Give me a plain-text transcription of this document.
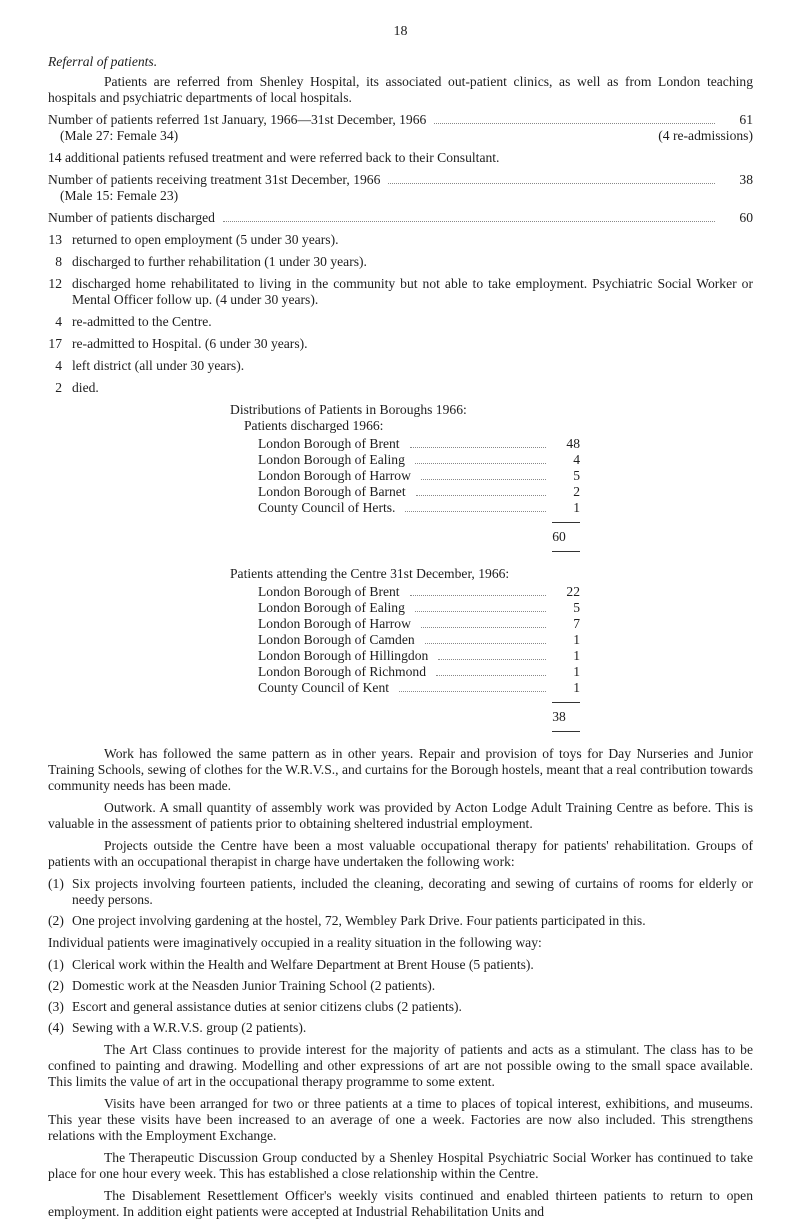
18

Referral of patients.

Patients are referred from Shenley Hospital, its associated out-patient clinics, as well as from London teaching hospitals and psychiatric departments of local hospitals.

Number of patients referred 1st January, 1966—31st December, 1966	61
(Male 27: Female 34)	(4 re-admissions)

14 additional patients refused treatment and were referred back to their Consultant.

Number of patients receiving treatment 31st December, 1966	38
(Male 15: Female 23)
Number of patients discharged	60
13 returned to open employment (5 under 30 years).
8 discharged to further rehabilitation (1 under 30 years).
12 discharged home rehabilitated to living in the community but not able to take employment. Psychiatric Social Worker or Mental Officer follow up. (4 under 30 years).
4 re-admitted to the Centre.
17 re-admitted to Hospital. (6 under 30 years).
4 left district (all under 30 years).
2 died.
Distributions of Patients in Boroughs 1966:
Patients discharged 1966:
London Borough of Brent	48
London Borough of Ealing	4
London Borough of Harrow	5
London Borough of Barnet	2
County Council of Herts.	1
60
Patients attending the Centre 31st December, 1966:
London Borough of Brent	22
London Borough of Ealing	5
London Borough of Harrow	7
London Borough of Camden	1
London Borough of Hillingdon	1
London Borough of Richmond	1
County Council of Kent	1
38

Work has followed the same pattern as in other years. Repair and provision of toys for Day Nurseries and Junior Training Schools, sewing of clothes for the W.R.V.S., and curtains for the Borough hostels, meant that a real contribution towards community needs has been made.

Outwork. A small quantity of assembly work was provided by Acton Lodge Adult Training Centre as before. This is valuable in the assessment of patients prior to obtaining sheltered industrial employment.

Projects outside the Centre have been a most valuable occupational therapy for patients' rehabilitation. Groups of patients with an occupational therapist in charge have undertaken the following work:

(1) Six projects involving fourteen patients, included the cleaning, decorating and sewing of curtains of rooms for elderly or needy persons.
(2) One project involving gardening at the hostel, 72, Wembley Park Drive. Four patients participated in this.

Individual patients were imaginatively occupied in a reality situation in the following way:

(1) Clerical work within the Health and Welfare Department at Brent House (5 patients).
(2) Domestic work at the Neasden Junior Training School (2 patients).
(3) Escort and general assistance duties at senior citizens clubs (2 patients).
(4) Sewing with a W.R.V.S. group (2 patients).

The Art Class continues to provide interest for the majority of patients and acts as a stimulant. The class has to be confined to painting and drawing. Modelling and other expressions of art are not possible owing to the small space available. This limits the value of art in the occupational therapy programme to some extent.

Visits have been arranged for two or three patients at a time to places of topical interest, exhibitions, and museums. This year these visits have been increased to an average of one a week. Factories are now also included. This strengthens relations with the Employment Exchange.

The Therapeutic Discussion Group conducted by a Shenley Hospital Psychiatric Social Worker has continued to take place for one hour every week. This has established a close relationship within the Centre.

The Disablement Resettlement Officer's weekly visits continued and enabled thirteen patients to return to open employment. In addition eight patients were accepted at Industrial Rehabilitation Units and
